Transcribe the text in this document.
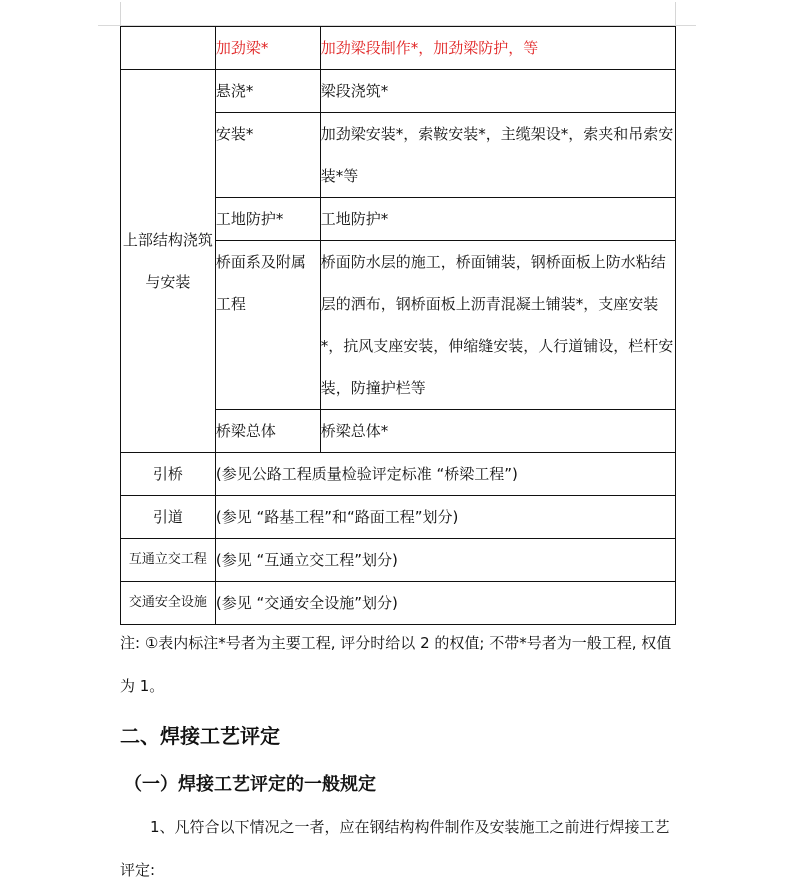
	加劲梁*	加劲梁段制作*，加劲梁防护，等
上部结构浇筑与安装	悬浇*	梁段浇筑*
	安装*	加劲梁安装*，索鞍安装*，主缆架设*，索夹和吊索安装*等
	工地防护*	工地防护*
	桥面系及附属工程	桥面防水层的施工，桥面铺装，钢桥面板上防水粘结层的洒布，钢桥面板上沥青混凝土铺装*，支座安装*，抗风支座安装，伸缩缝安装，人行道铺设，栏杆安装，防撞护栏等
	桥梁总体	桥梁总体*
引桥	(参见公路工程质量检验评定标准 “桥梁工程”)	
引道	(参见 “路基工程”和“路面工程”划分)	
互通立交工程	(参见 “互通立交工程”划分)	
交通安全设施	(参见 “交通安全设施”划分)	
注: ①表内标注*号者为主要工程, 评分时给以 2 的权值; 不带*号者为一般工程, 权值为 1。
二、焊接工艺评定
（一）焊接工艺评定的一般规定
1、凡符合以下情况之一者，应在钢结构构件制作及安装施工之前进行焊接工艺评定:
